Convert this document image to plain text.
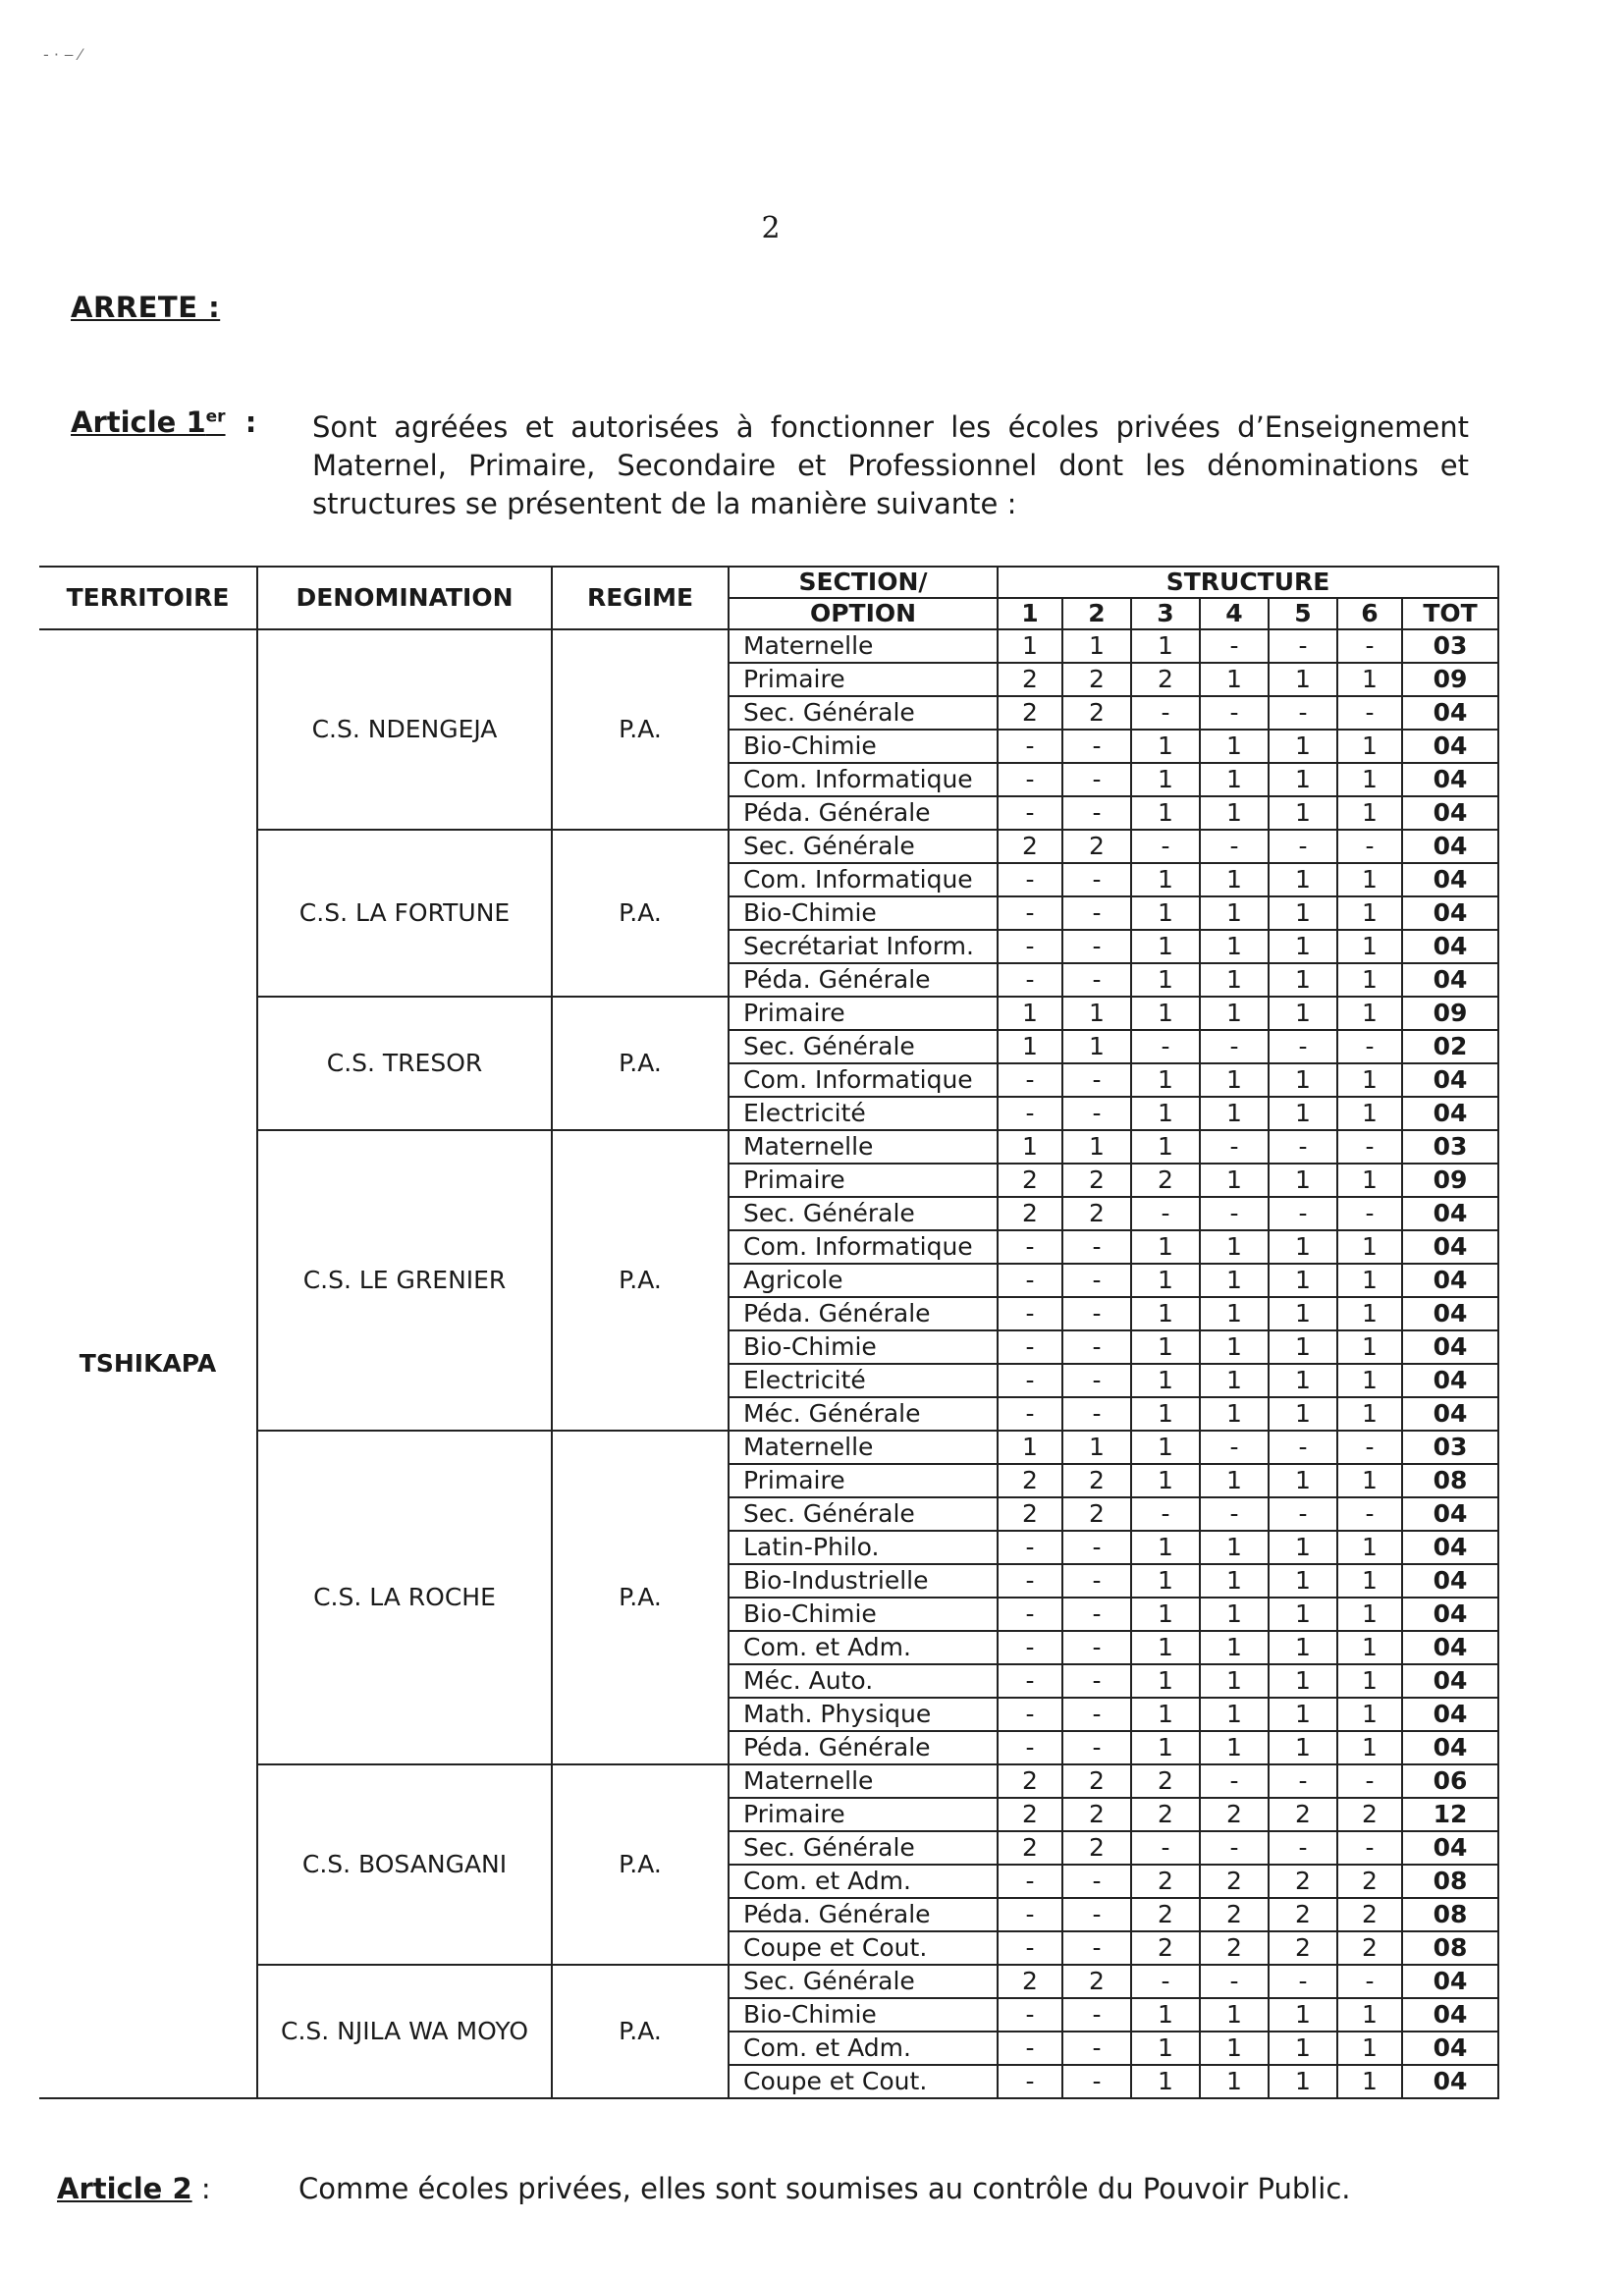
‐ · ‒ ⁄
2
ARRETE :
Article 1er : Sont agréées et autorisées à fonctionner les écoles privées d’Enseignement Maternel, Primaire, Secondaire et Professionnel dont les dénominations et structures se présentent de la manière suivante :
TERRITOIRE	DENOMINATION	REGIME	SECTION/	STRUCTURE						
			OPTION	1	2	3	4	5	6	TOT
TSHIKAPA	C.S. NDENGEJA	P.A.	Maternelle	1	1	1	-	-	-	03
			Primaire	2	2	2	1	1	1	09
			Sec. Générale	2	2	-	-	-	-	04
			Bio-Chimie	-	-	1	1	1	1	04
			Com. Informatique	-	-	1	1	1	1	04
			Péda. Générale	-	-	1	1	1	1	04
	C.S. LA FORTUNE	P.A.	Sec. Générale	2	2	-	-	-	-	04
			Com. Informatique	-	-	1	1	1	1	04
			Bio-Chimie	-	-	1	1	1	1	04
			Secrétariat Inform.	-	-	1	1	1	1	04
			Péda. Générale	-	-	1	1	1	1	04
	C.S. TRESOR	P.A.	Primaire	1	1	1	1	1	1	09
			Sec. Générale	1	1	-	-	-	-	02
			Com. Informatique	-	-	1	1	1	1	04
			Electricité	-	-	1	1	1	1	04
	C.S. LE GRENIER	P.A.	Maternelle	1	1	1	-	-	-	03
			Primaire	2	2	2	1	1	1	09
			Sec. Générale	2	2	-	-	-	-	04
			Com. Informatique	-	-	1	1	1	1	04
			Agricole	-	-	1	1	1	1	04
			Péda. Générale	-	-	1	1	1	1	04
			Bio-Chimie	-	-	1	1	1	1	04
			Electricité	-	-	1	1	1	1	04
			Méc. Générale	-	-	1	1	1	1	04
	C.S. LA ROCHE	P.A.	Maternelle	1	1	1	-	-	-	03
			Primaire	2	2	1	1	1	1	08
			Sec. Générale	2	2	-	-	-	-	04
			Latin-Philo.	-	-	1	1	1	1	04
			Bio-Industrielle	-	-	1	1	1	1	04
			Bio-Chimie	-	-	1	1	1	1	04
			Com. et Adm.	-	-	1	1	1	1	04
			Méc. Auto.	-	-	1	1	1	1	04
			Math. Physique	-	-	1	1	1	1	04
			Péda. Générale	-	-	1	1	1	1	04
	C.S. BOSANGANI	P.A.	Maternelle	2	2	2	-	-	-	06
			Primaire	2	2	2	2	2	2	12
			Sec. Générale	2	2	-	-	-	-	04
			Com. et Adm.	-	-	2	2	2	2	08
			Péda. Générale	-	-	2	2	2	2	08
			Coupe et Cout.	-	-	2	2	2	2	08
	C.S. NJILA WA MOYO	P.A.	Sec. Générale	2	2	-	-	-	-	04
			Bio-Chimie	-	-	1	1	1	1	04
			Com. et Adm.	-	-	1	1	1	1	04
			Coupe et Cout.	-	-	1	1	1	1	04
Article 2 :	Comme écoles privées, elles sont soumises au contrôle du Pouvoir Public.
